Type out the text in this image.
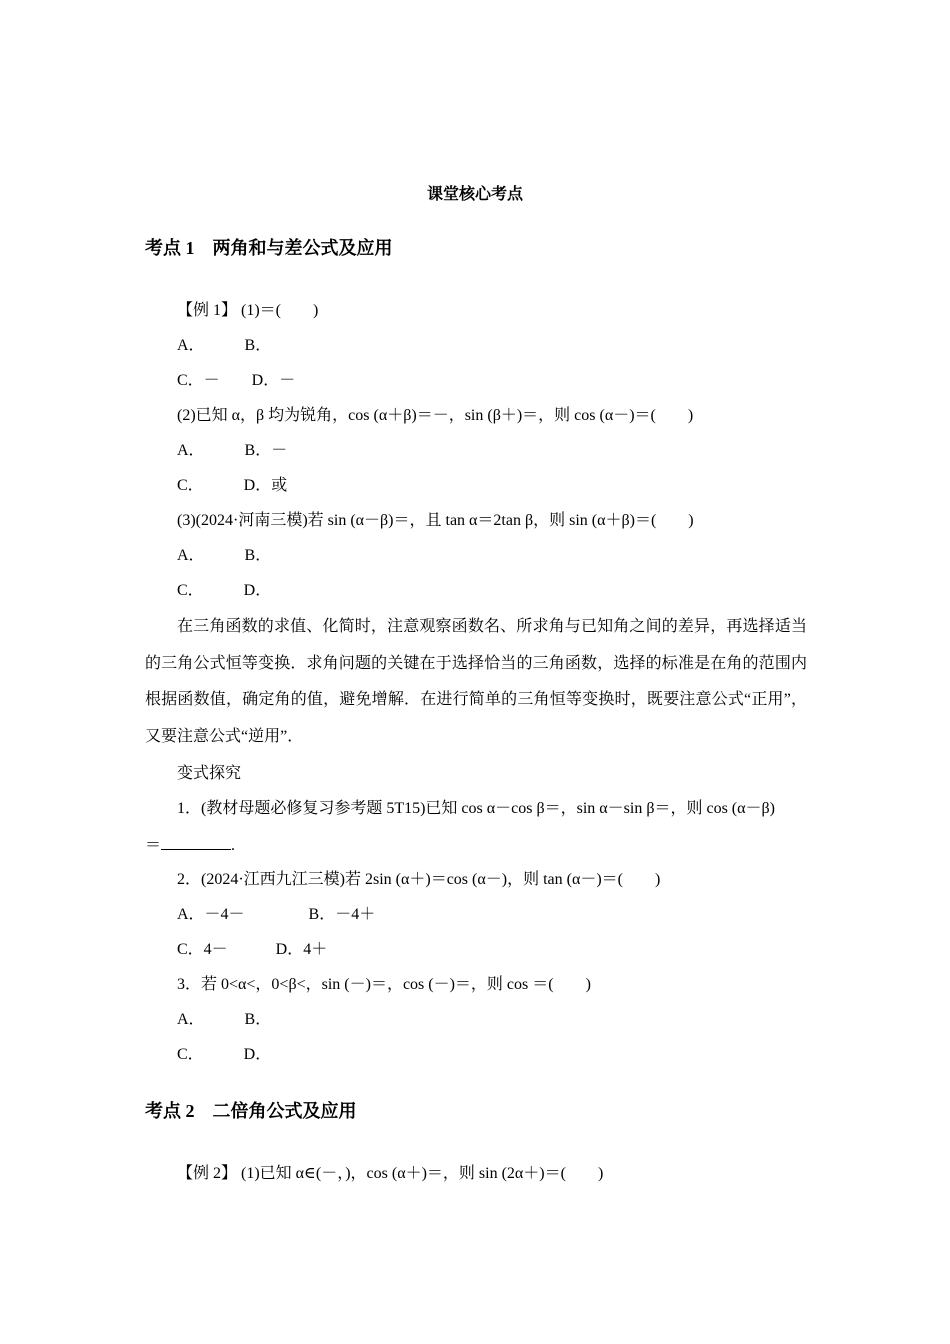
课堂核心考点
考点 1　两角和与差公式及应用
【例 1】 (1)＝(　　)
A．　　　B．
C．－　　D．－
(2)已知 α，β 均为锐角，cos (α＋β)＝－，sin (β＋)＝，则 cos (α－)＝(　　)
A．　　　B．－
C．　　　D．或
(3)(2024·河南三模)若 sin (α－β)＝，且 tan α＝2tan β，则 sin (α＋β)＝(　　)
A．　　　B．
C．　　　D．
在三角函数的求值、化简时，注意观察函数名、所求角与已知角之间的差异，再选择适当的三角公式恒等变换．求角问题的关键在于选择恰当的三角函数，选择的标准是在角的范围内根据函数值，确定角的值，避免增解．在进行简单的三角恒等变换时，既要注意公式“正用”，又要注意公式“逆用”．
变式探究
1．(教材母题必修复习参考题 5T15)已知 cos α－cos β＝，sin α－sin β＝，则 cos (α－β)
＝	.
2．(2024·江西九江三模)若 2sin (α＋)＝cos (α－)，则 tan (α－)＝(　　)
A．－4－　　　　B．－4＋
C．4－　　　D．4＋
3．若 0<α<，0<β<，sin (－)＝，cos (－)＝，则 cos ＝(　　)
A．　　　B．
C．　　　D．
考点 2　二倍角公式及应用
【例 2】 (1)已知 α∈(－，)，cos (α＋)＝，则 sin (2α＋)＝(　　)
